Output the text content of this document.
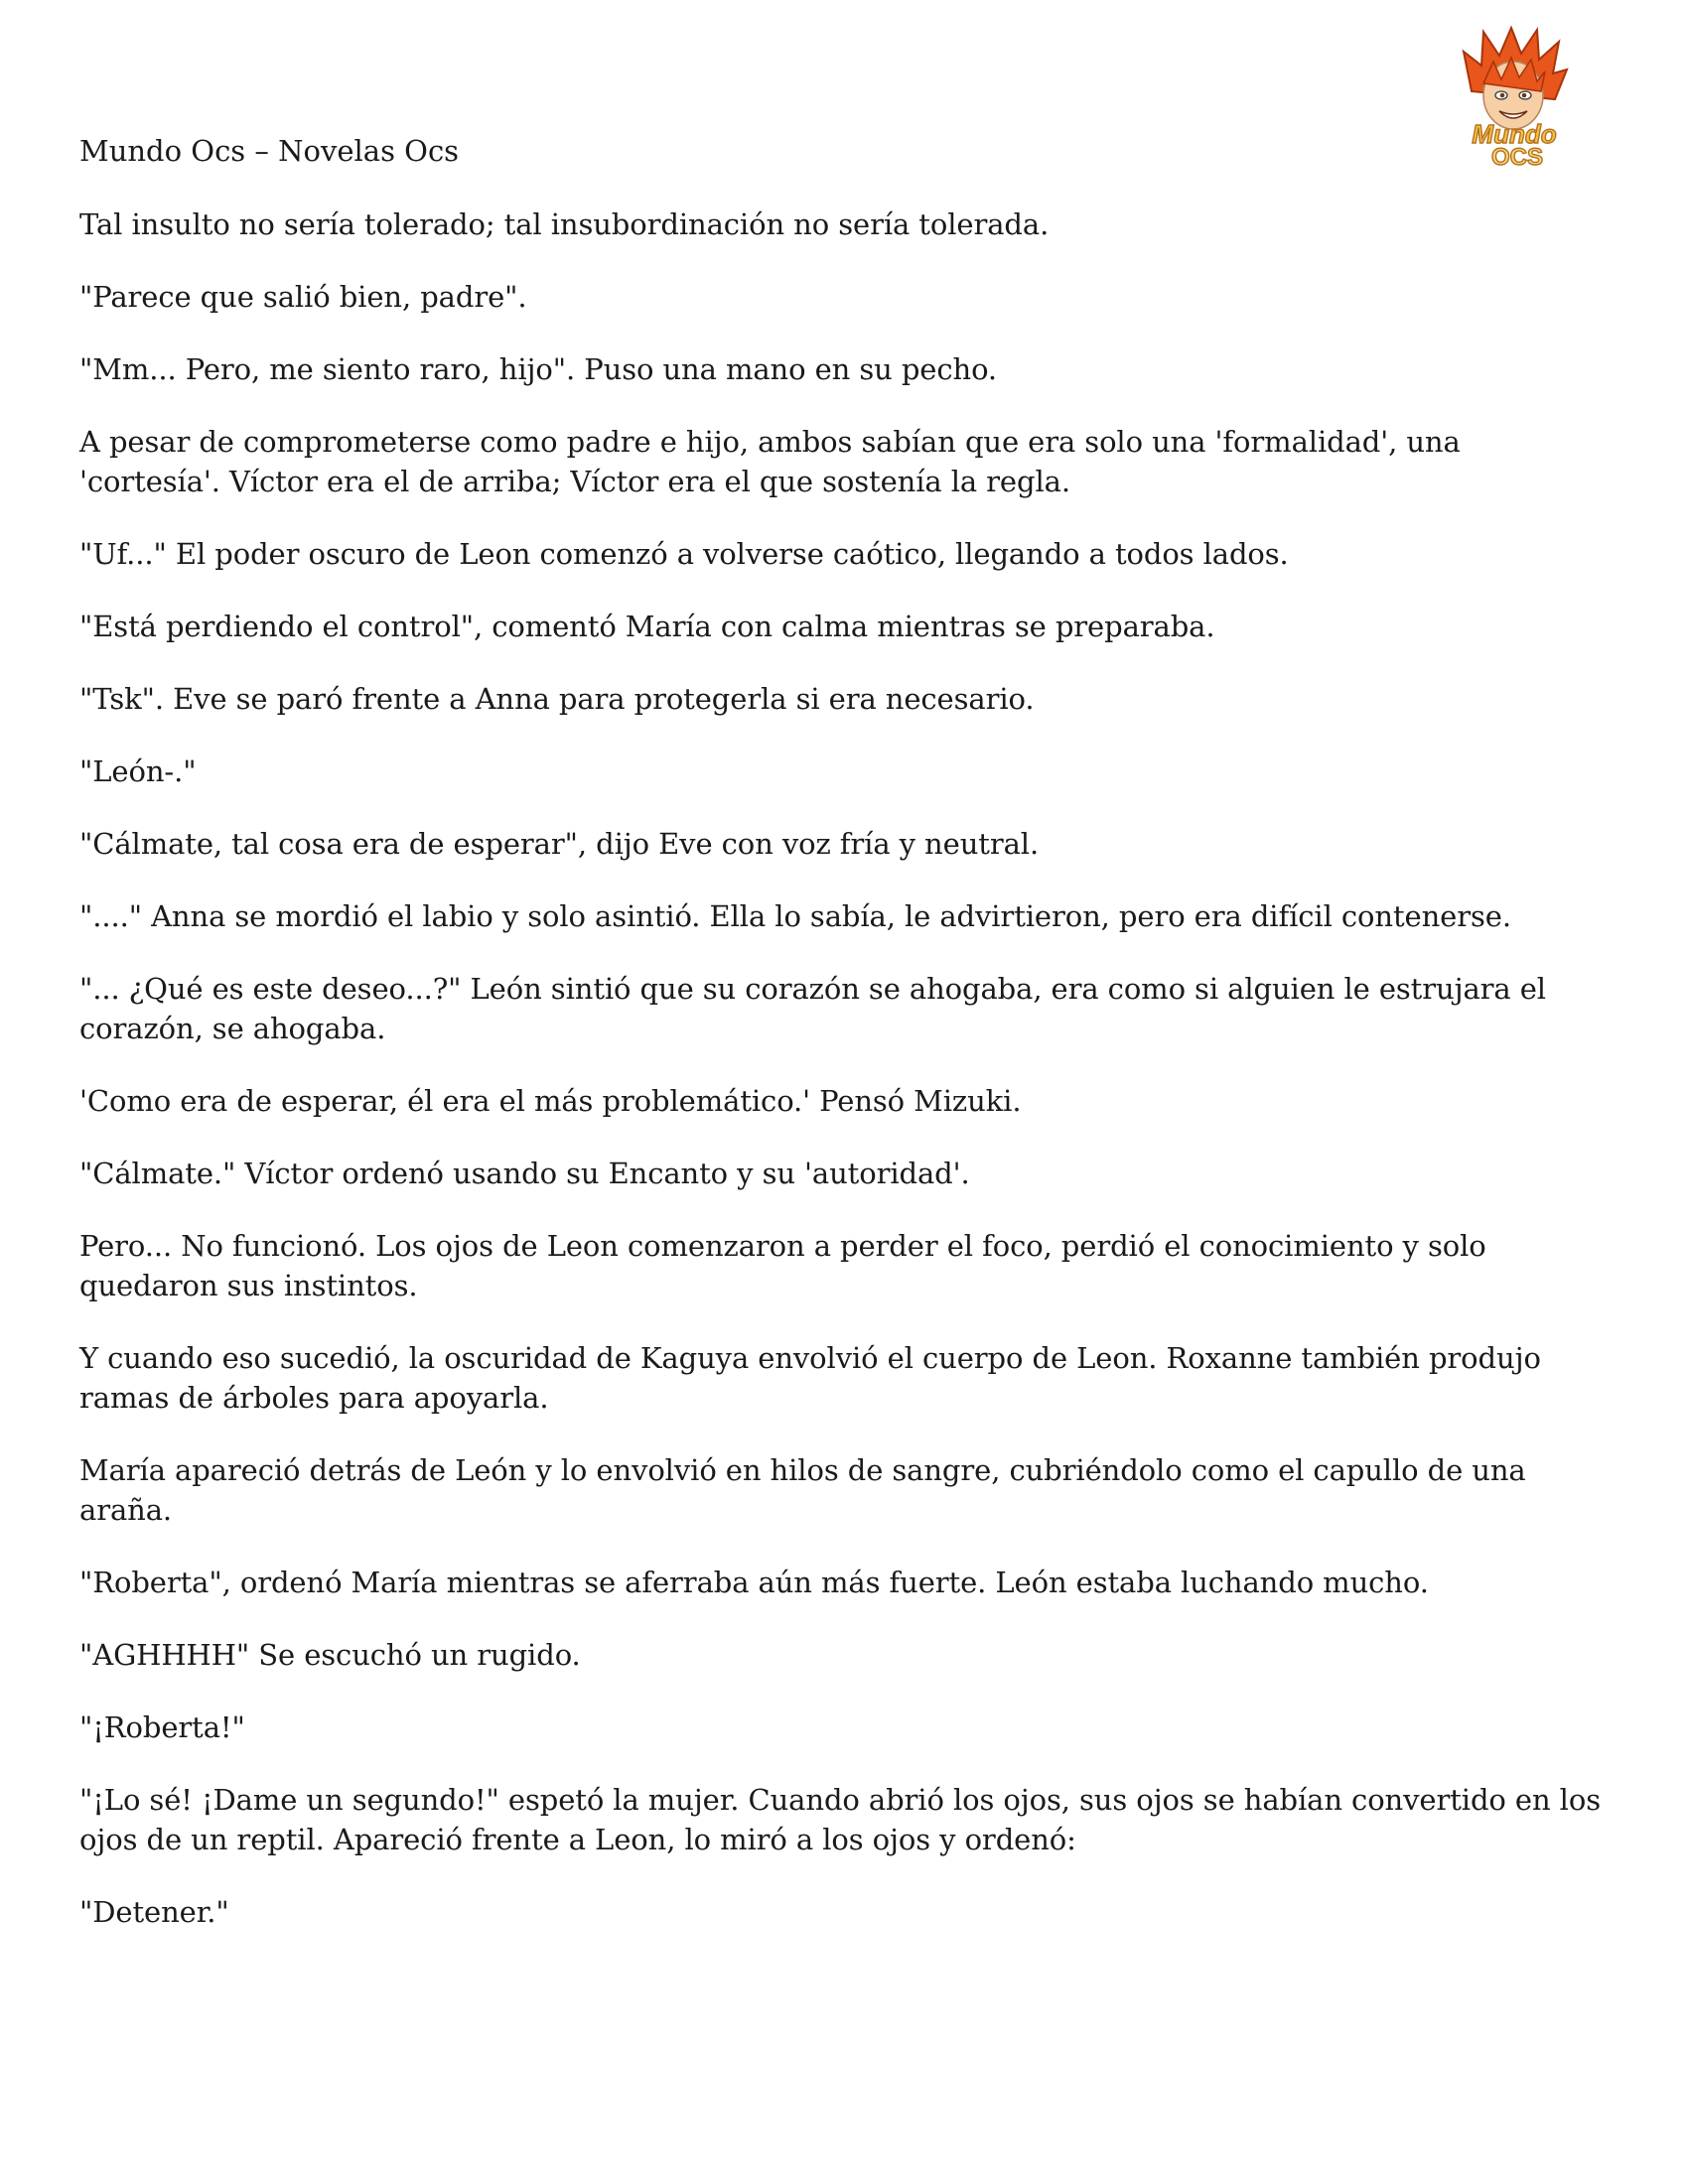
Mundo Ocs – Novelas Ocs	Mundo
OCS

Tal insulto no sería tolerado; tal insubordinación no sería tolerada.

"Parece que salió bien, padre".

"Mm... Pero, me siento raro, hijo". Puso una mano en su pecho.

A pesar de comprometerse como padre e hijo, ambos sabían que era solo una 'formalidad', una 'cortesía'. Víctor era el de arriba; Víctor era el que sostenía la regla.

"Uf..." El poder oscuro de Leon comenzó a volverse caótico, llegando a todos lados.

"Está perdiendo el control", comentó María con calma mientras se preparaba.

"Tsk". Eve se paró frente a Anna para protegerla si era necesario.

"León-."

"Cálmate, tal cosa era de esperar", dijo Eve con voz fría y neutral.

"...." Anna se mordió el labio y solo asintió. Ella lo sabía, le advirtieron, pero era difícil contenerse.

"... ¿Qué es este deseo...?" León sintió que su corazón se ahogaba, era como si alguien le estrujara el corazón, se ahogaba.

'Como era de esperar, él era el más problemático.' Pensó Mizuki.

"Cálmate." Víctor ordenó usando su Encanto y su 'autoridad'.

Pero... No funcionó. Los ojos de Leon comenzaron a perder el foco, perdió el conocimiento y solo quedaron sus instintos.

Y cuando eso sucedió, la oscuridad de Kaguya envolvió el cuerpo de Leon. Roxanne también produjo ramas de árboles para apoyarla.

María apareció detrás de León y lo envolvió en hilos de sangre, cubriéndolo como el capullo de una araña.

"Roberta", ordenó María mientras se aferraba aún más fuerte. León estaba luchando mucho.

"AGHHHH" Se escuchó un rugido.

"¡Roberta!"

"¡Lo sé! ¡Dame un segundo!" espetó la mujer. Cuando abrió los ojos, sus ojos se habían convertido en los ojos de un reptil. Apareció frente a Leon, lo miró a los ojos y ordenó:

"Detener."
